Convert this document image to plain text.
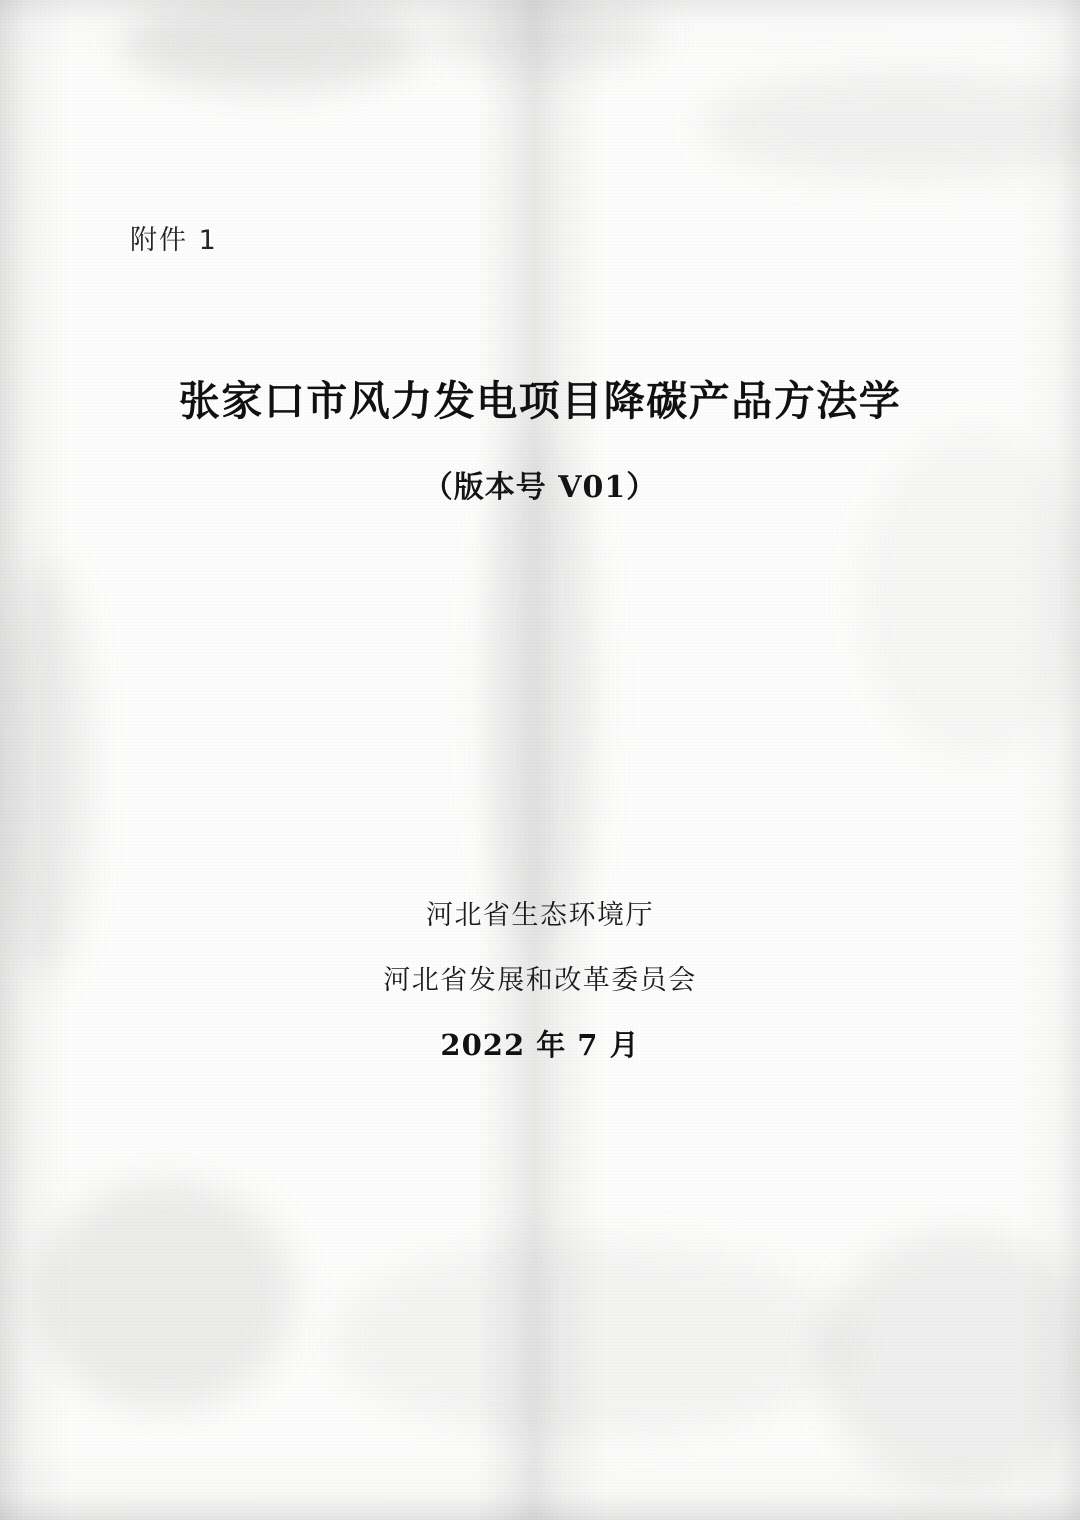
附件 1
张家口市风力发电项目降碳产品方法学
（版本号 V01）
河北省生态环境厅
河北省发展和改革委员会
2022 年 7 月
